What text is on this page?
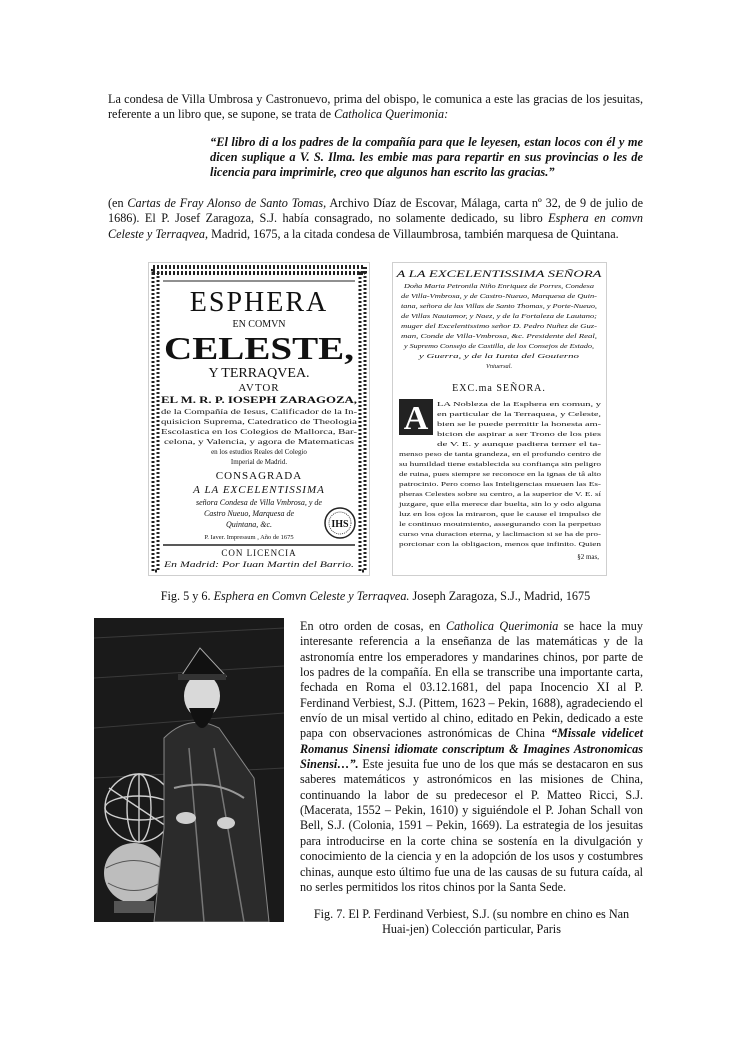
La condesa de Villa Umbrosa y Castronuevo, prima del obispo, le comunica a este las gracias de los jesuitas, referente a un libro que, se supone, se trata de Catholica Querimonia:
“El libro di a los padres de la compañía para que le leyesen, estan locos con él y me dicen suplique a V. S. Ilma. les embie mas para repartir en sus provincias o les de licencia para imprimirle, creo que algunos han escrito las gracias.”
(en Cartas de Fray Alonso de Santo Tomas, Archivo Díaz de Escovar, Málaga, carta nº 32, de 9 de julio de 1686). El P. Josef Zaragoza, S.J. había consagrado, no solamente dedicado, su libro Esphera en comvn Celeste y Terraqvea, Madrid, 1675, a la citada condesa de Villaumbrosa, también marquesa de Quintana.
ESPHERA
EN COMVN
CELESTE,
Y TERRAQVEA.
AVTOR
EL M. R. P. IOSEPH ZARAGOZA,
de la Compañía de Iesus, Calificador de la In-
quisicion Suprema, Catedratico de Theologia
Escolastica en los Colegios de Mallorca, Bar-
celona, y Valencia, y agora de Matematicas
en los estudios Reales del Colegio
Imperial de Madrid.
CONSAGRADA
A LA EXCELENTISSIMA
señora Condesa de Villa Vmbrosa, y de
Castro Nueuo, Marquesa de
Quintana, &c.
P. Iaver. Impressum , Año de 1675
IHS
CON LICENCIA
En Madrid: Por Iuan Martin del Barrio.
A LA EXCELENTISSIMA SEÑORA
Doña Maria Petronila Niño Enriquez de Porres, Condesa
de Villa-Vmbrosa, y de Castro-Nueuo, Marquesa de Quin-
tana, señora de las Villas de Santo Thomas, y Porte-Nueuo,
de Villas Nauiamor, y Naez, y de la Fortaleza de Lautano;
muger del Excelentissimo señor D. Pedro Nuñez de Guz-
man, Conde de Villa-Vmbrosa, &c. Presidente del Real,
y Supremo Consejo de Castilla, de los Consejos de Estado,
y Guerra, y de la Iunta del Gouierno
Vniuersal.
EXC.ma SEÑORA.
A LA Nobleza de la Esphera en comun, y
en particular de la Terraquea, y Celeste,
bien se le puede permitir la honesta am-
bicion de aspirar a ser Trono de los pies
de V. E. y aunque padiera temer el ta-
menso peso de tanta grandeza, en el profundo centro de
su humildad tiene establecida su confiança sin peligro
de ruina, pues siempre se reconoce en la ignas de tâ alto
patrocinio. Pero como las Inteligencias mueuen las Es-
pheras Celestes sobre su centro, a la superior de V. E. sí
juzgare, que ella merece dar buelta, sin lo y odo alguna
luz en los ojos la miraron, que le cause el impulso de
le continuo mouimiento, assegurando con la perpetuo
curso vna duracion eterna, y laclimacion si se ha de pro-
porcionar con la obligacion, menos que infinito. Quien
§2 mas,
Fig. 5 y 6. Esphera en Comvn Celeste y Terraqvea. Joseph Zaragoza, S.J., Madrid, 1675
En otro orden de cosas, en Catholica Querimonia se hace la muy interesante referencia a la enseñanza de las matemáticas y de la astronomía entre los emperadores y mandarines chinos, por parte de los padres de la compañía. En ella se transcribe una importante carta, fechada en Roma el 03.12.1681, del papa Inocencio XI al P. Ferdinand Verbiest, S.J. (Pittem, 1623 – Pekin, 1688), agradeciendo el envío de un misal vertido al chino, editado en Pekin, dedicado a este papa con observaciones astronómicas de China “Missale videlicet Romanus Sinensi idiomate conscriptum & Imagines Astronomicas Sinensi…”. Este jesuita fue uno de los que más se destacaron en sus saberes matemáticos y astronómicos en las misiones de China, continuando la labor de su predecesor el P. Matteo Ricci, S.J. (Macerata, 1552 – Pekin, 1610) y siguiéndole el P. Johan Schall von Bell, S.J. (Colonia, 1591 – Pekin, 1669). La estrategia de los jesuitas para introducirse en la corte china se sostenía en la divulgación y conocimiento de la ciencia y en la adopción de los usos y costumbres chinas, aunque esto último fue una de las causas de su futura caída, al no serles permitidos los ritos chinos por la Santa Sede.
Fig. 7. El P. Ferdinand Verbiest, S.J. (su nombre en chino es Nan Huai-jen) Colección particular, Paris
